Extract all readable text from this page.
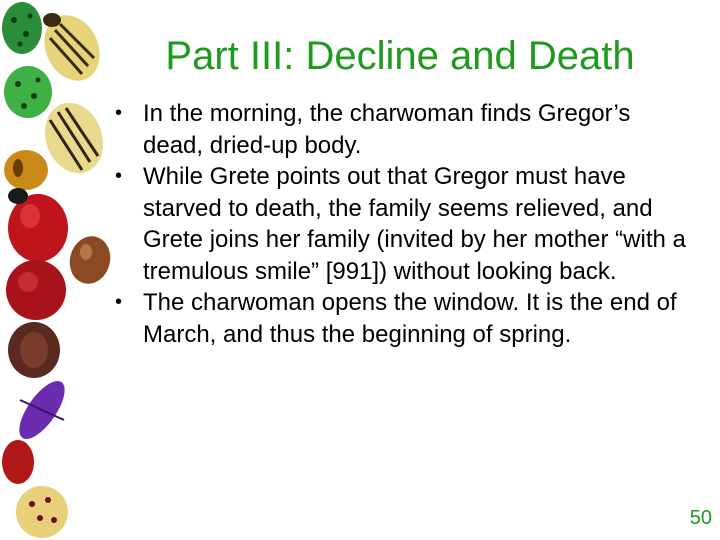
Part III: Decline and Death
• In the morning, the charwoman finds Gregor’s dead, dried-up body.
• While Grete points out that Gregor must have starved to death, the family seems relieved, and Grete joins her family (invited by her mother “with a tremulous smile” [991]) without looking back.
• The charwoman opens the window. It is the end of March, and thus the beginning of spring.
50
